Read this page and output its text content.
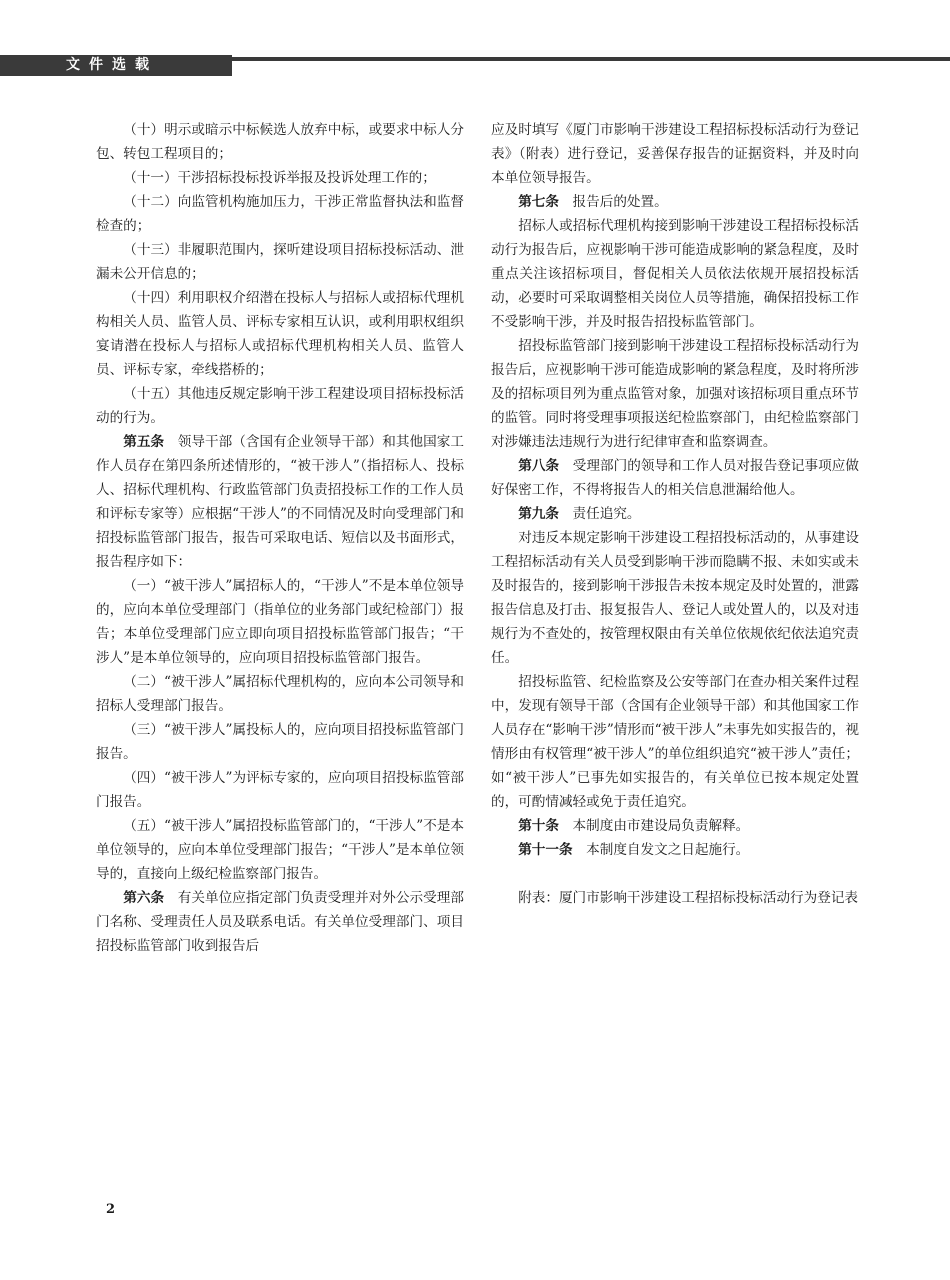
文件选载

（十）明示或暗示中标候选人放弃中标，或要求中标人分包、转包工程项目的；

（十一）干涉招标投标投诉举报及投诉处理工作的；

（十二）向监管机构施加压力，干涉正常监督执法和监督检查的；

（十三）非履职范围内，探听建设项目招标投标活动、泄漏未公开信息的；

（十四）利用职权介绍潜在投标人与招标人或招标代理机构相关人员、监管人员、评标专家相互认识，或利用职权组织宴请潜在投标人与招标人或招标代理机构相关人员、监管人员、评标专家，牵线搭桥的；

（十五）其他违反规定影响干涉工程建设项目招标投标活动的行为。

第五条　领导干部（含国有企业领导干部）和其他国家工作人员存在第四条所述情形的，“被干涉人”（指招标人、投标人、招标代理机构、行政监管部门负责招投标工作的工作人员和评标专家等）应根据“干涉人”的不同情况及时向受理部门和招投标监管部门报告，报告可采取电话、短信以及书面形式，报告程序如下：

（一）“被干涉人”属招标人的，“干涉人”不是本单位领导的，应向本单位受理部门（指单位的业务部门或纪检部门）报告；本单位受理部门应立即向项目招投标监管部门报告；“干涉人”是本单位领导的，应向项目招投标监管部门报告。

（二）“被干涉人”属招标代理机构的，应向本公司领导和招标人受理部门报告。

（三）“被干涉人”属投标人的，应向项目招投标监管部门报告。

（四）“被干涉人”为评标专家的，应向项目招投标监管部门报告。

（五）“被干涉人”属招投标监管部门的，“干涉人”不是本单位领导的，应向本单位受理部门报告；“干涉人”是本单位领导的，直接向上级纪检监察部门报告。

第六条　有关单位应指定部门负责受理并对外公示受理部门名称、受理责任人员及联系电话。有关单位受理部门、项目招投标监管部门收到报告后

应及时填写《厦门市影响干涉建设工程招标投标活动行为登记表》（附表）进行登记，妥善保存报告的证据资料，并及时向本单位领导报告。

第七条　报告后的处置。

招标人或招标代理机构接到影响干涉建设工程招标投标活动行为报告后，应视影响干涉可能造成影响的紧急程度，及时重点关注该招标项目，督促相关人员依法依规开展招投标活动，必要时可采取调整相关岗位人员等措施，确保招投标工作不受影响干涉，并及时报告招投标监管部门。

招投标监管部门接到影响干涉建设工程招标投标活动行为报告后，应视影响干涉可能造成影响的紧急程度，及时将所涉及的招标项目列为重点监管对象，加强对该招标项目重点环节的监管。同时将受理事项报送纪检监察部门，由纪检监察部门对涉嫌违法违规行为进行纪律审查和监察调查。

第八条　受理部门的领导和工作人员对报告登记事项应做好保密工作，不得将报告人的相关信息泄漏给他人。

第九条　责任追究。

对违反本规定影响干涉建设工程招投标活动的，从事建设工程招标活动有关人员受到影响干涉而隐瞒不报、未如实或未及时报告的，接到影响干涉报告未按本规定及时处置的，泄露报告信息及打击、报复报告人、登记人或处置人的，以及对违规行为不查处的，按管理权限由有关单位依规依纪依法追究责任。

招投标监管、纪检监察及公安等部门在查办相关案件过程中，发现有领导干部（含国有企业领导干部）和其他国家工作人员存在“影响干涉”情形而“被干涉人”未事先如实报告的，视情形由有权管理“被干涉人”的单位组织追究“被干涉人”责任；如“被干涉人”已事先如实报告的，有关单位已按本规定处置的，可酌情减轻或免于责任追究。

第十条　本制度由市建设局负责解释。

第十一条　本制度自发文之日起施行。

附表：厦门市影响干涉建设工程招标投标活动行为登记表

2
